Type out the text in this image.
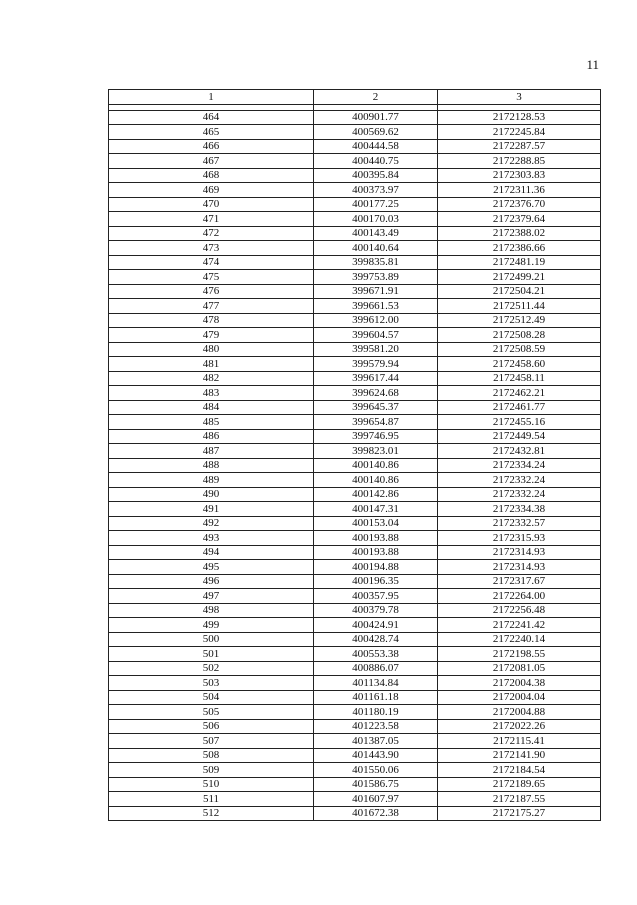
11
1	2	3

464	400901.77	2172128.53
465	400569.62	2172245.84
466	400444.58	2172287.57
467	400440.75	2172288.85
468	400395.84	2172303.83
469	400373.97	2172311.36
470	400177.25	2172376.70
471	400170.03	2172379.64
472	400143.49	2172388.02
473	400140.64	2172386.66
474	399835.81	2172481.19
475	399753.89	2172499.21
476	399671.91	2172504.21
477	399661.53	2172511.44
478	399612.00	2172512.49
479	399604.57	2172508.28
480	399581.20	2172508.59
481	399579.94	2172458.60
482	399617.44	2172458.11
483	399624.68	2172462.21
484	399645.37	2172461.77
485	399654.87	2172455.16
486	399746.95	2172449.54
487	399823.01	2172432.81
488	400140.86	2172334.24
489	400140.86	2172332.24
490	400142.86	2172332.24
491	400147.31	2172334.38
492	400153.04	2172332.57
493	400193.88	2172315.93
494	400193.88	2172314.93
495	400194.88	2172314.93
496	400196.35	2172317.67
497	400357.95	2172264.00
498	400379.78	2172256.48
499	400424.91	2172241.42
500	400428.74	2172240.14
501	400553.38	2172198.55
502	400886.07	2172081.05
503	401134.84	2172004.38
504	401161.18	2172004.04
505	401180.19	2172004.88
506	401223.58	2172022.26
507	401387.05	2172115.41
508	401443.90	2172141.90
509	401550.06	2172184.54
510	401586.75	2172189.65
511	401607.97	2172187.55
512	401672.38	2172175.27
